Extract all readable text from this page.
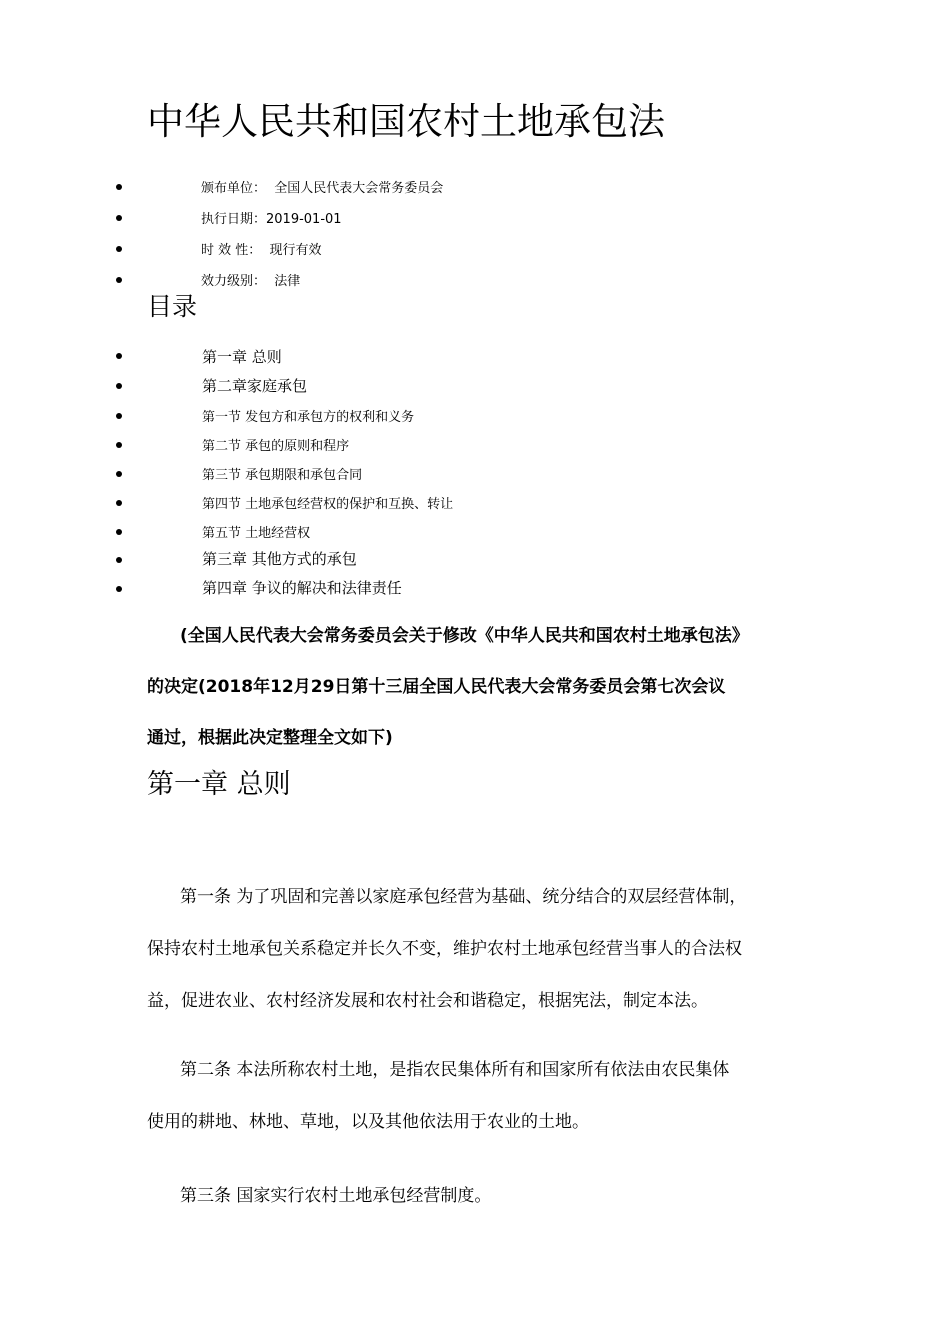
中华人民共和国农村土地承包法
颁布单位： 全国人民代表大会常务委员会
执行日期：2019-01-01
时 效 性： 现行有效
效力级别： 法律
目录
第一章 总则
第二章家庭承包
第一节 发包方和承包方的权利和义务
第二节 承包的原则和程序
第三节 承包期限和承包合同
第四节 土地承包经营权的保护和互换、转让
第五节 土地经营权
第三章 其他方式的承包
第四章 争议的解决和法律责任

(全国人民代表大会常务委员会关于修改《中华人民共和国农村土地承包法》

的决定(2018年12月29日第十三届全国人民代表大会常务委员会第七次会议

通过，根据此决定整理全文如下)

第一章 总则

第一条 为了巩固和完善以家庭承包经营为基础、统分结合的双层经营体制，

保持农村土地承包关系稳定并长久不变，维护农村土地承包经营当事人的合法权

益，促进农业、农村经济发展和农村社会和谐稳定，根据宪法，制定本法。

第二条 本法所称农村土地，是指农民集体所有和国家所有依法由农民集体

使用的耕地、林地、草地，以及其他依法用于农业的土地。

第三条 国家实行农村土地承包经营制度。
